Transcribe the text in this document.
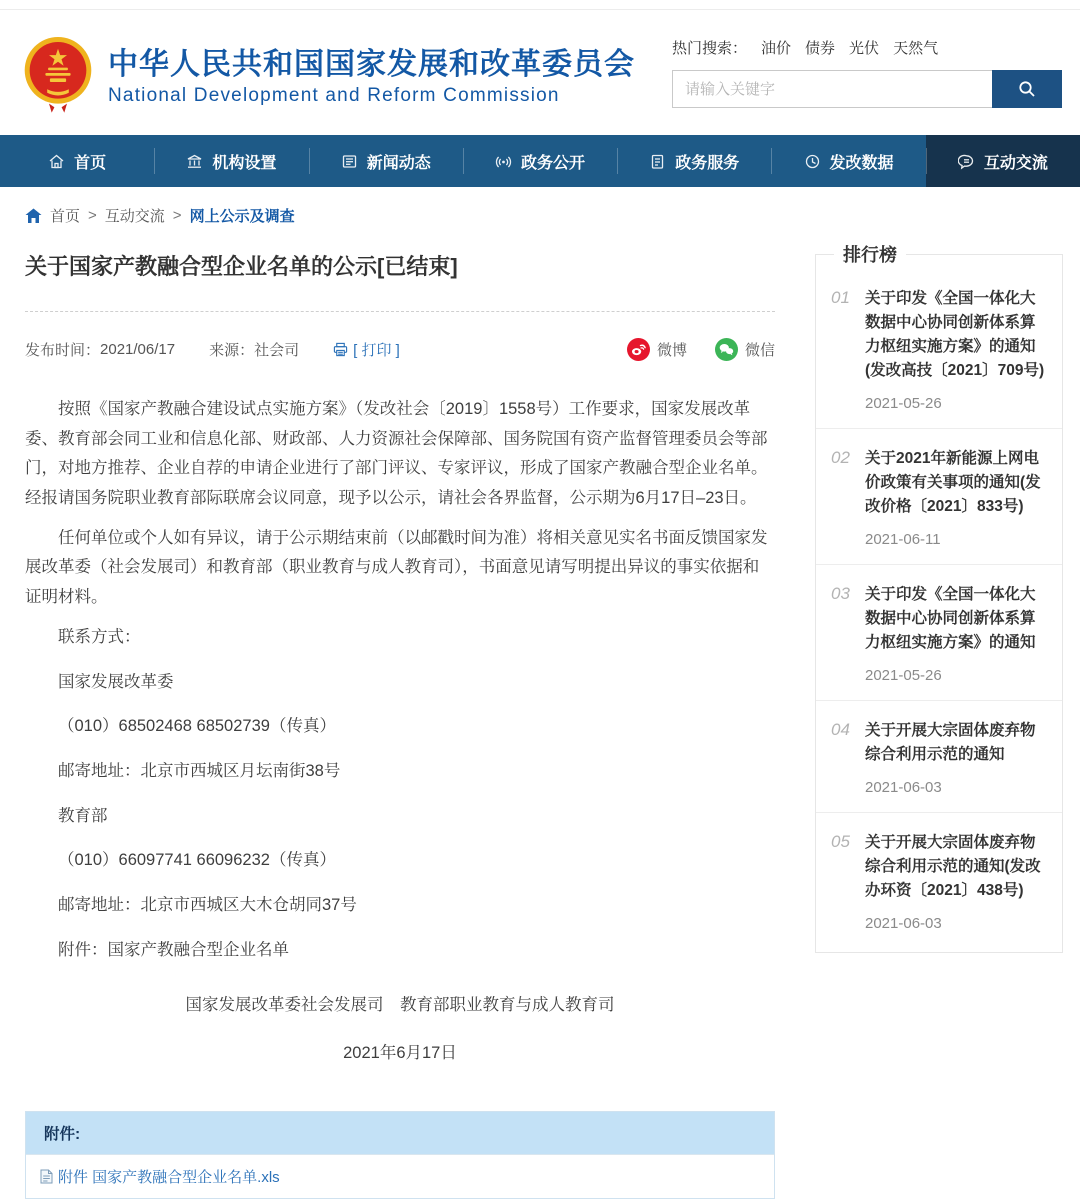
中华人民共和国国家发展和改革委员会
National Development and Reform Commission
热门搜索： 油价 债券 光伏 天然气
请输入关键字
首页	机构设置	新闻动态	政务公开	政务服务	发改数据	互动交流
首页 > 互动交流 > 网上公示及调查
关于国家产教融合型企业名单的公示[已结束]
发布时间： 2021/06/17 来源： 社会司	[ 打印 ]	微博	微信

按照《国家产教融合建设试点实施方案》（发改社会〔2019〕1558号）工作要求，国家发展改革委、教育部会同工业和信息化部、财政部、人力资源社会保障部、国务院国有资产监督管理委员会等部门，对地方推荐、企业自荐的申请企业进行了部门评议、专家评议，形成了国家产教融合型企业名单。经报请国务院职业教育部际联席会议同意，现予以公示，请社会各界监督，公示期为6月17日–23日。

任何单位或个人如有异议，请于公示期结束前（以邮戳时间为准）将相关意见实名书面反馈国家发展改革委（社会发展司）和教育部（职业教育与成人教育司），书面意见请写明提出异议的事实依据和证明材料。

联系方式：

国家发展改革委

（010）68502468 68502739（传真）

邮寄地址：北京市西城区月坛南街38号

教育部

（010）66097741 66096232（传真）

邮寄地址：北京市西城区大木仓胡同37号

附件：国家产教融合型企业名单

国家发展改革委社会发展司　教育部职业教育与成人教育司

2021年6月17日

附件:
附件 国家产教融合型企业名单.xls
排行榜
01 关于印发《全国一体化大数据中心协同创新体系算力枢纽实施方案》的通知(发改高技〔2021〕709号)
2021-05-26
02 关于2021年新能源上网电价政策有关事项的通知(发改价格〔2021〕833号)
2021-06-11
03 关于印发《全国一体化大数据中心协同创新体系算力枢纽实施方案》的通知
2021-05-26
04 关于开展大宗固体废弃物综合利用示范的通知
2021-06-03
05 关于开展大宗固体废弃物综合利用示范的通知(发改办环资〔2021〕438号)
2021-06-03
